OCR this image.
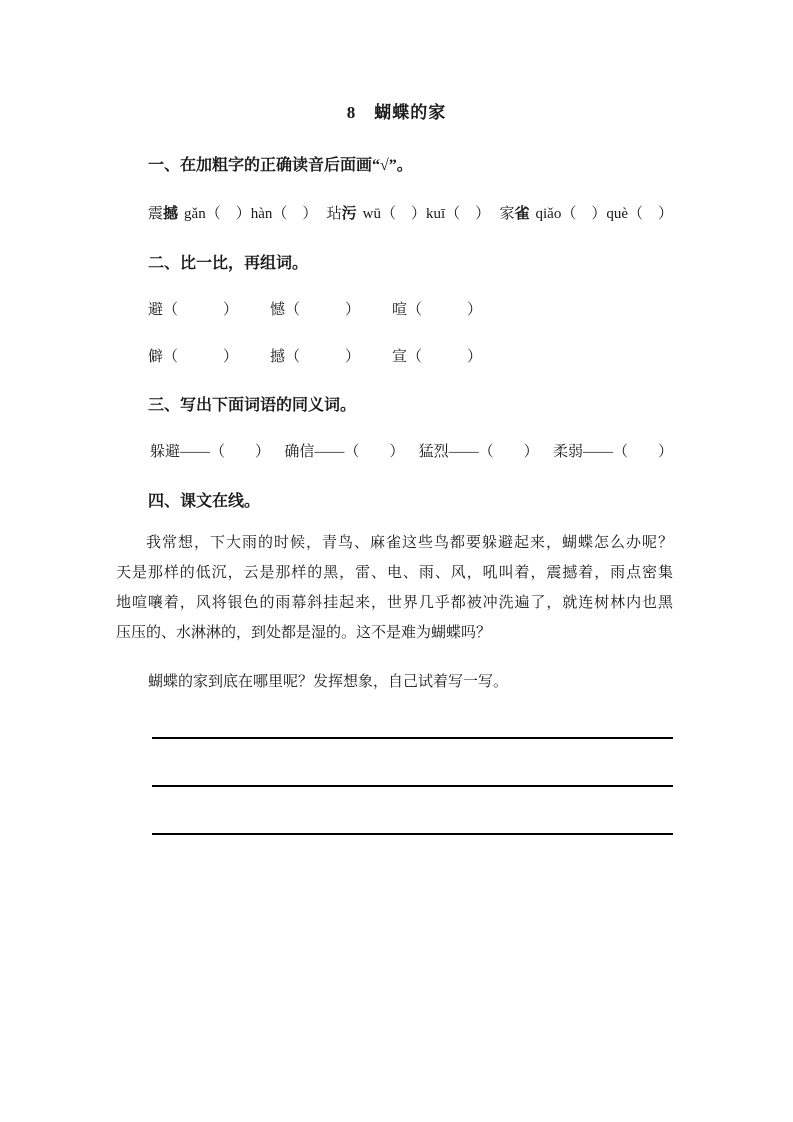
8　蝴蝶的家
一、在加粗字的正确读音后面画“√”。
震撼 gǎn（　）hàn（　） 玷污 wū（　）kuī（　） 家雀 qiǎo（　）què（　）
二、比一比，再组词。
避（　　　）	憾（　　　）	喧（　　　）
僻（　　　）	撼（　　　）	宣（　　　）
三、写出下面词语的同义词。
躲避——（　　） 确信——（　　） 猛烈——（　　） 柔弱——（　　）
四、课文在线。
我常想，下大雨的时候，青鸟、麻雀这些鸟都要躲避起来，蝴蝶怎么办呢？
天是那样的低沉，云是那样的黑，雷、电、雨、风，吼叫着，震撼着，雨点密集
地喧嚷着，风将银色的雨幕斜挂起来，世界几乎都被冲洗遍了，就连树林内也黑
压压的、水淋淋的，到处都是湿的。这不是难为蝴蝶吗？
蝴蝶的家到底在哪里呢？发挥想象，自己试着写一写。
